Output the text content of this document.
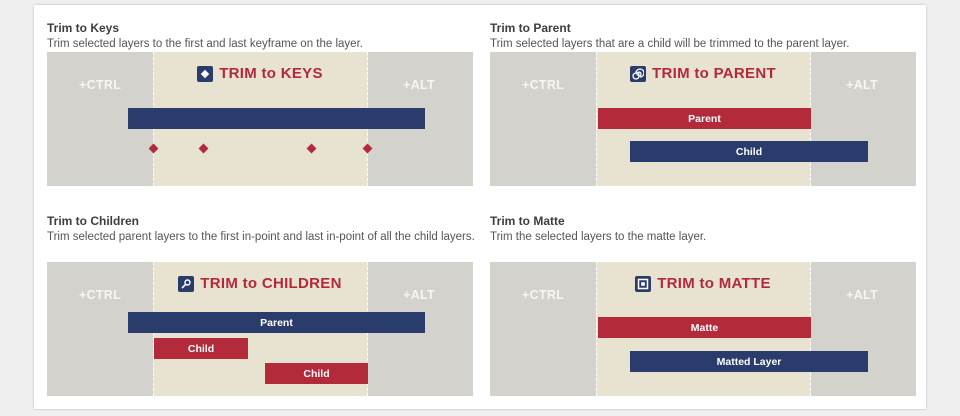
Trim to Keys
Trim selected layers to the first and last keyframe on the layer.
+CTRL	+ALT
TRIM to KEYS
Trim to Parent
Trim selected layers that are a child will be trimmed to the parent layer.
+CTRL	+ALT
TRIM to PARENT
Parent
Child
Trim to Children
Trim selected parent layers to the first in-point and last in-point of all the child layers.
+CTRL	+ALT
TRIM to CHILDREN
Parent
Child
Child
Trim to Matte
Trim the selected layers to the matte layer.
+CTRL	+ALT
TRIM to MATTE
Matte
Matted Layer
